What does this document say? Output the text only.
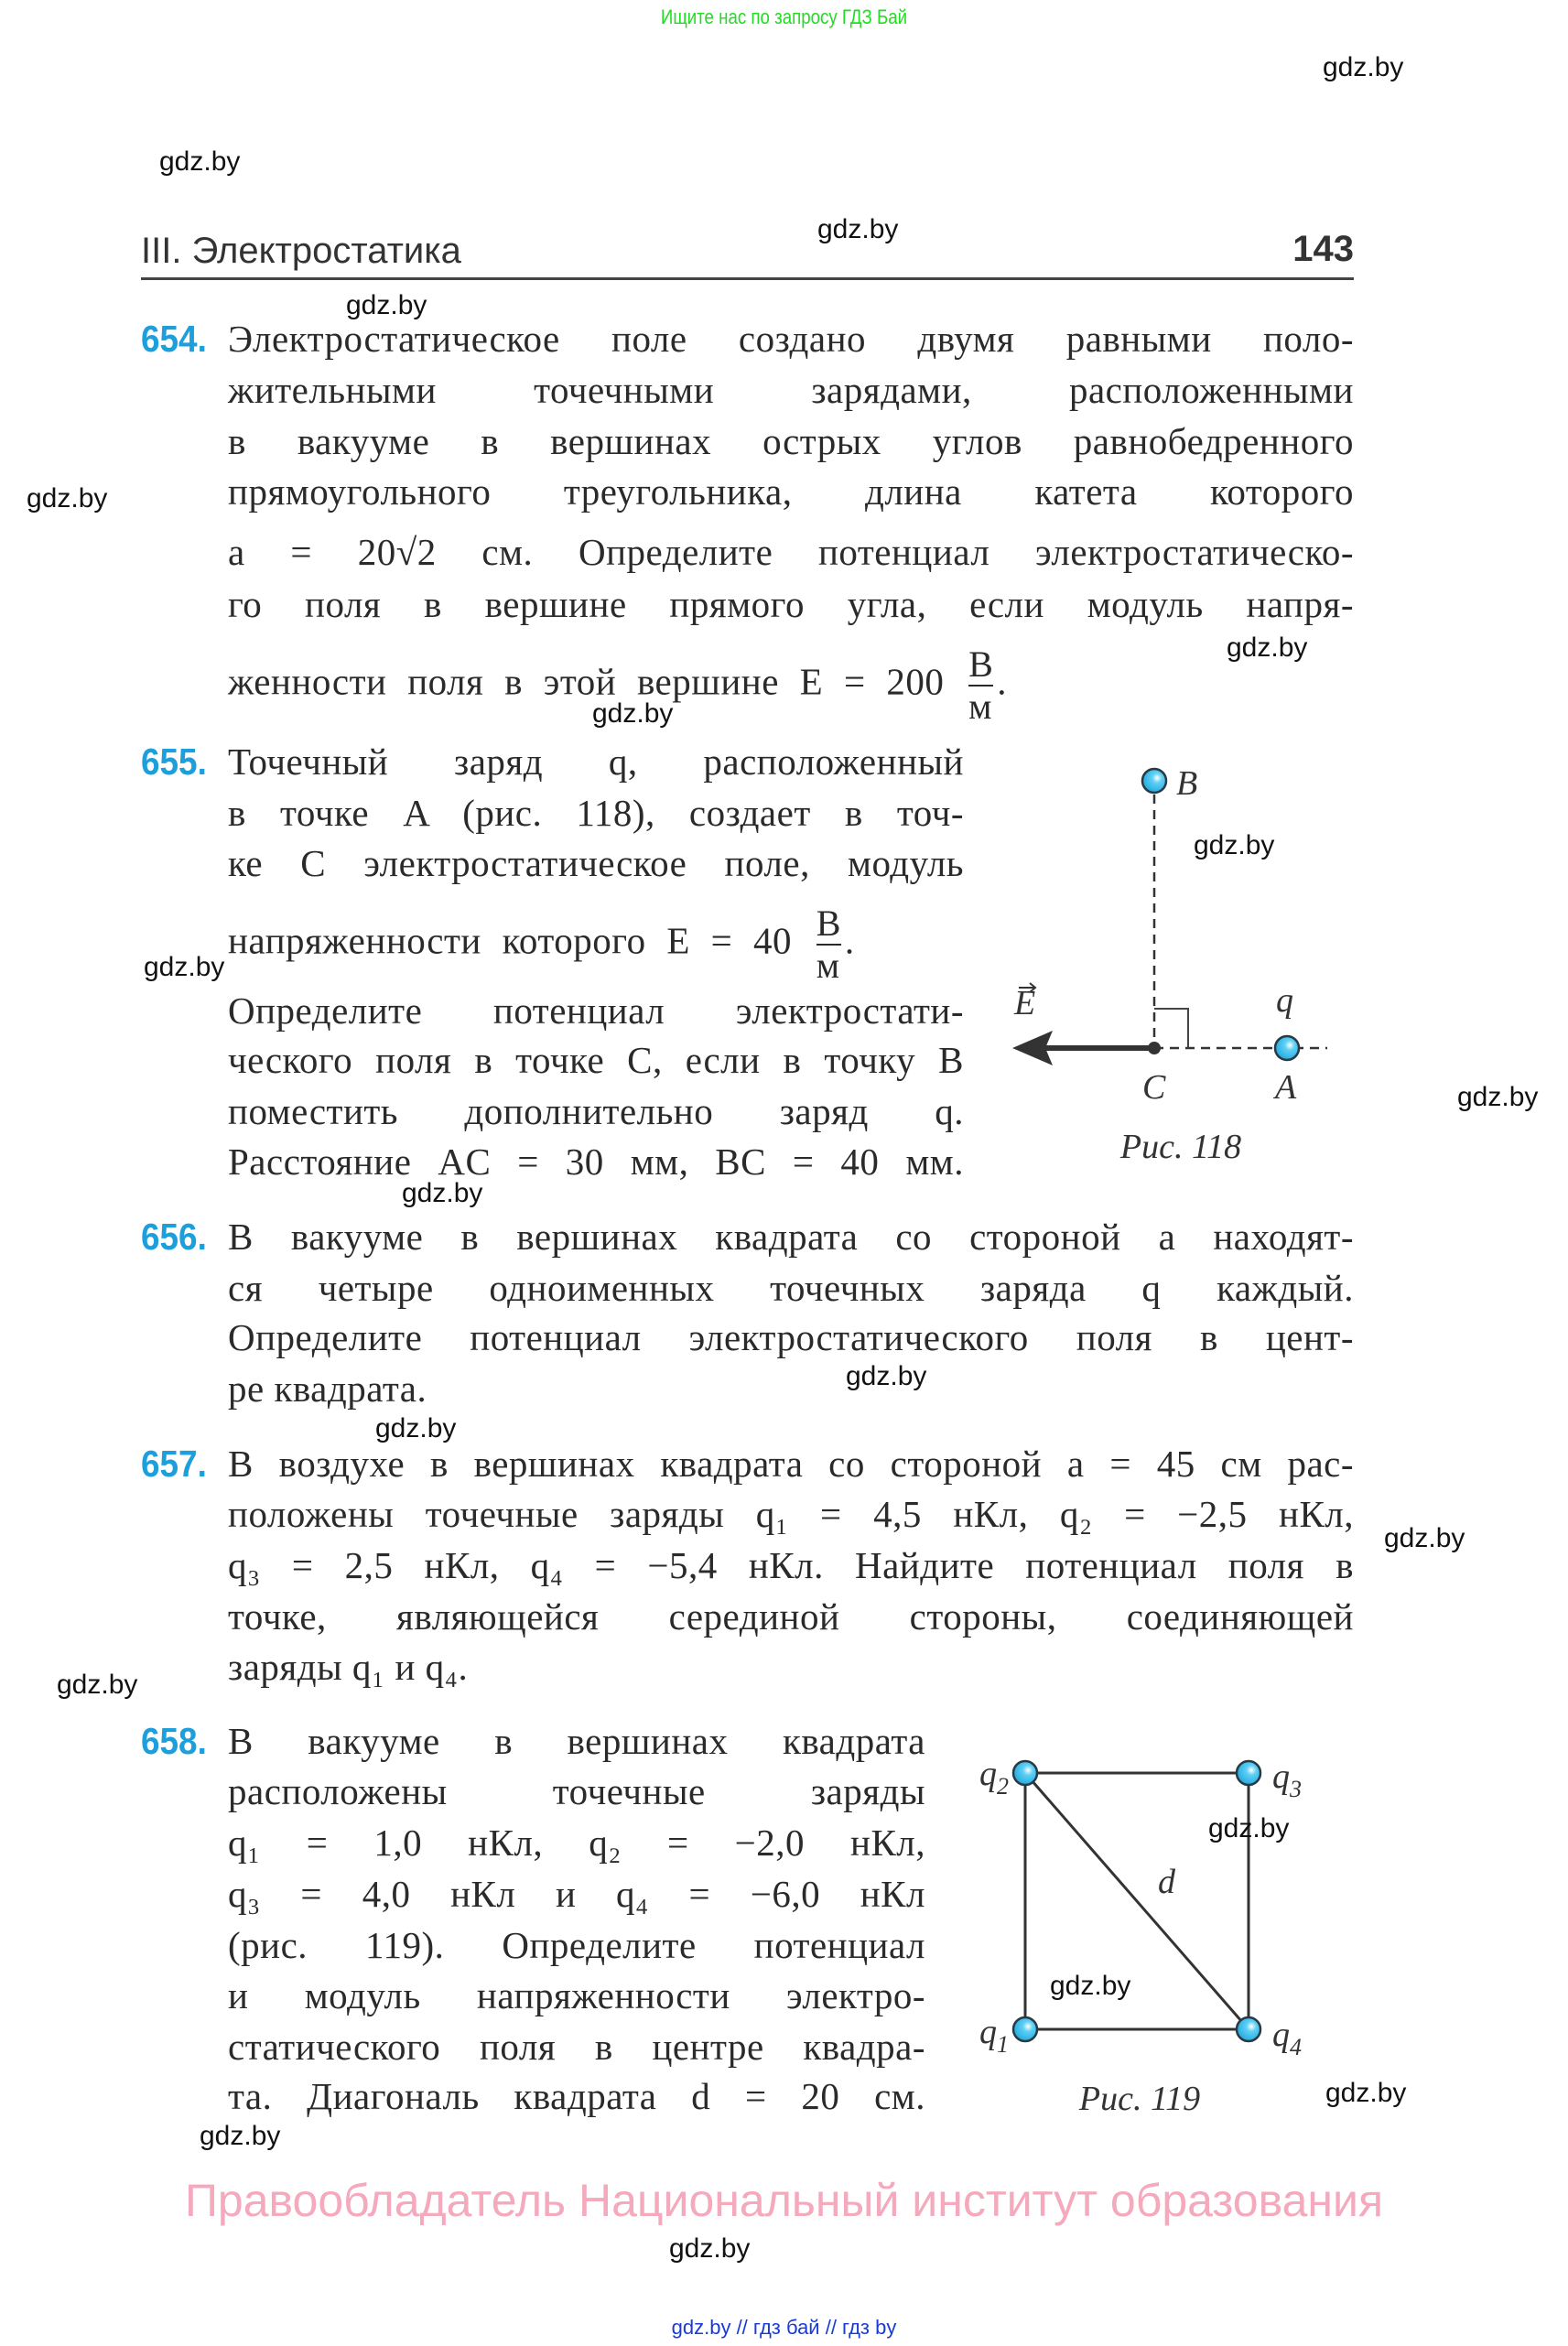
Ищите нас по запросу ГДЗ Бай
III. Электростатика	143
654. Электростатическое поле создано двумя равными поло-
жительными точечными зарядами, расположенными
в вакууме в вершинах острых углов равнобедренного
прямоугольного треугольника, длина катета которого
a = 20√2 см. Определите потенциал электростатическо-
го поля в вершине прямого угла, если модуль напря-
женности поля в этой вершине $E = 200 \frac{В}{м}$ .
655. Точечный заряд q, расположенный
в точке A (рис. 118), создает в точ-
ке C электростатическое поле, модуль
напряженности которого $E = 40 \frac{В}{м}$ .
Определите потенциал электростати-
ческого поля в точке C, если в точку B
поместить дополнительно заряд q.
Расстояние AC = 30 мм, BC = 40 мм.
656. В вакууме в вершинах квадрата со стороной a находят-
ся четыре одноименных точечных заряда q каждый.
Определите потенциал электростатического поля в цент-
ре квадрата.
657. В воздухе в вершинах квадрата со стороной a = 45 см рас-
положены точечные заряды q₁ = 4,5 нКл, q₂ = −2,5 нКл,
q₃ = 2,5 нКл, q₄ = −5,4 нКл. Найдите потенциал поля в
точке, являющейся серединой стороны, соединяющей
заряды q₁ и q₄.
658. В вакууме в вершинах квадрата
расположены точечные заряды
q₁ = 1,0 нКл, q₂ = −2,0 нКл,
q₃ = 4,0 нКл и q₄ = −6,0 нКл
(рис. 119). Определите потенциал
и модуль напряженности электро-
статического поля в центре квадра-
та. Диагональ квадрата d = 20 см.
B
E	q
C	A
Рис. 118
$q_2$	$q_3$
$q_1$	$q_4$
d
Рис. 119
gdz.by
gdz.by
gdz.by
gdz.by
gdz.by
gdz.by
gdz.by
gdz.by
gdz.by
gdz.by
gdz.by
gdz.by
gdz.by
gdz.by
gdz.by
gdz.by
gdz.by
gdz.by
gdz.by
gdz.by
Правообладатель Национальный институт образования
gdz.by // гдз бай // гдз by
